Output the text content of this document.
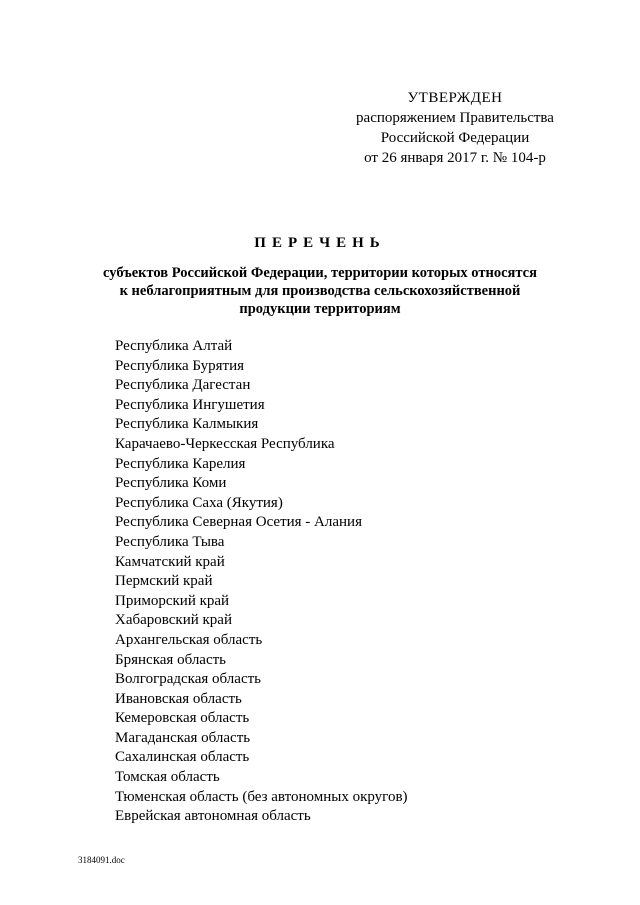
УТВЕРЖДЕН
распоряжением Правительства
Российской Федерации
от 26 января 2017 г. № 104-р
ПЕРЕЧЕНЬ
субъектов Российской Федерации, территории которых относятся
к неблагоприятным для производства сельскохозяйственной
продукции территориям
Республика Алтай
Республика Бурятия
Республика Дагестан
Республика Ингушетия
Республика Калмыкия
Карачаево-Черкесская Республика
Республика Карелия
Республика Коми
Республика Саха (Якутия)
Республика Северная Осетия - Алания
Республика Тыва
Камчатский край
Пермский край
Приморский край
Хабаровский край
Архангельская область
Брянская область
Волгоградская область
Ивановская область
Кемеровская область
Магаданская область
Сахалинская область
Томская область
Тюменская область (без автономных округов)
Еврейская автономная область
3184091.doc
